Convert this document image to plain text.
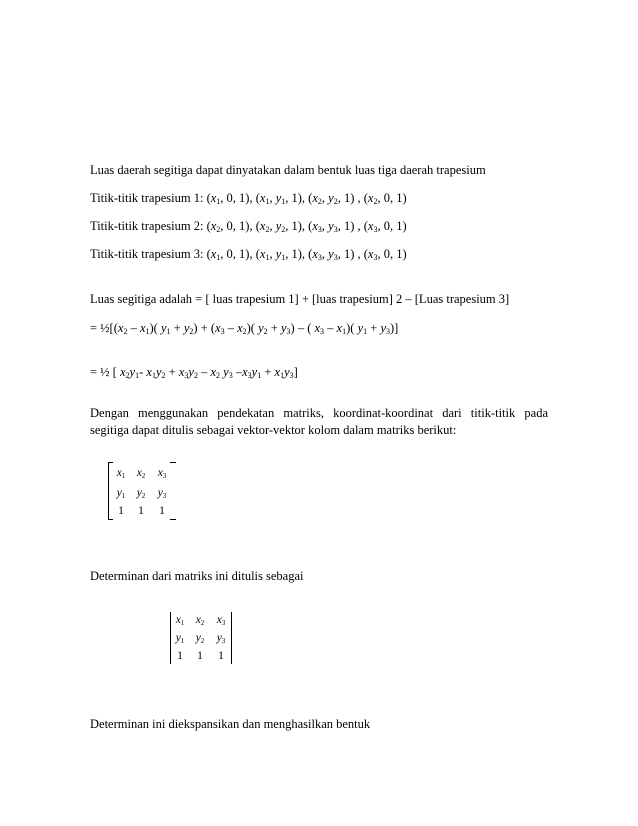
Luas daerah segitiga dapat dinyatakan dalam bentuk luas tiga daerah trapesium
Titik-titik trapesium 1: ($x_1$, 0, 1), ($x_1$, $y_1$, 1), ($x_2$, $y_2$, 1) , ($x_2$, 0, 1)
Titik-titik trapesium 2: ($x_2$, 0, 1), ($x_2$, $y_2$, 1), ($x_3$, $y_3$, 1) , ($x_3$, 0, 1)
Titik-titik trapesium 3: ($x_1$, 0, 1), ($x_1$, $y_1$, 1), ($x_3$, $y_3$, 1) , ($x_3$, 0, 1)
Luas segitiga adalah = [ luas trapesium 1] + [luas trapesium] 2 – [Luas trapesium 3]
= $\frac{1}{2}[(x_2 - x_1)$( $y_1 + y_2) + (x_3 - x_2)$( $y_2 + y_3$) – ( $x_3 - x_1$)( $y_1 + y_3$)]
= ½ [ $x_2y_1-$ $x_1y_2 + x_3y_2 - x_2$ $y_3$ $-x_3y_1 + x_1y_3$]
Dengan menggunakan pendekatan matriks, koordinat-koordinat dari titik-titik pada
segitiga dapat ditulis sebagai vektor-vektor kolom dalam matriks berikut:
$x_1$ $x_2$	$x_3$
$y_1$ $y_2$	$y_3$
1	1	1
Determinan dari matriks ini ditulis sebagai
$x_1$ $x_2$	$x_3$
$y_1$ $y_2$	$y_3$
1	1	1
Determinan ini diekspansikan dan menghasilkan bentuk
